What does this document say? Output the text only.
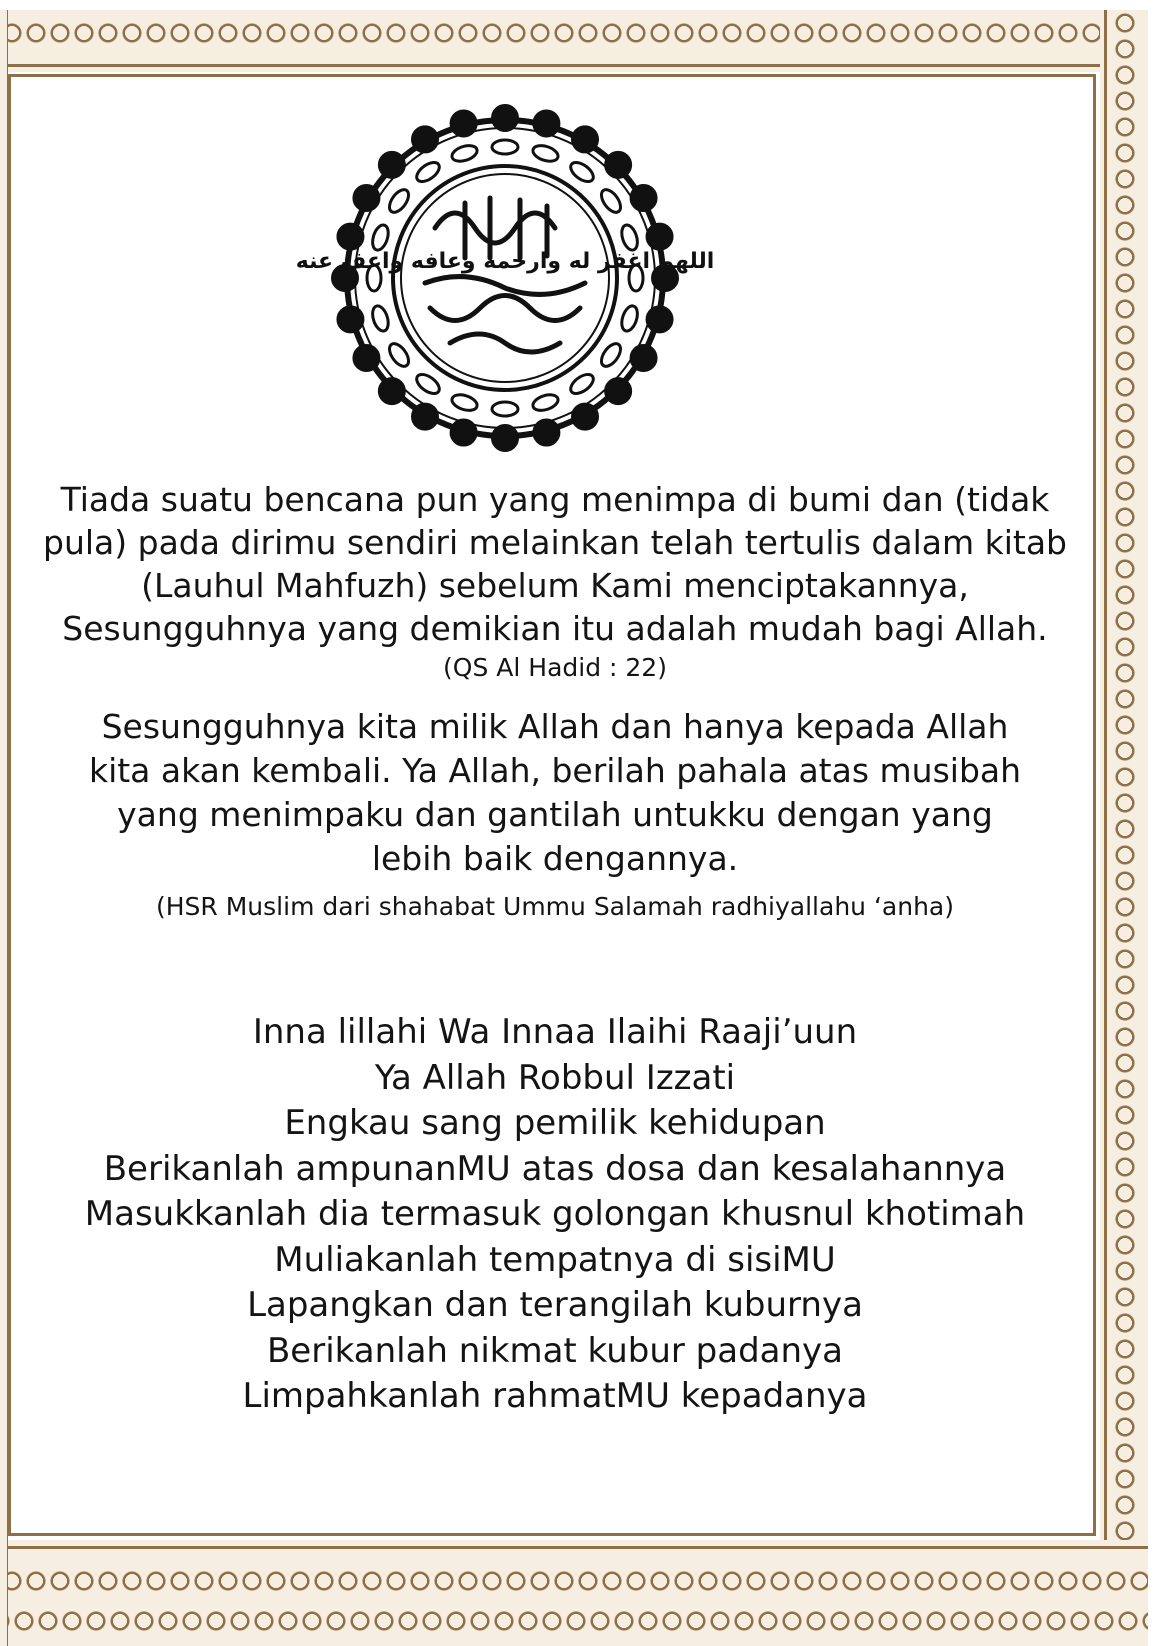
اللهم اغفر له وارحمه وعافه واعف عنه
Tiada suatu bencana pun yang menimpa di bumi dan (tidak
pula) pada dirimu sendiri melainkan telah tertulis dalam kitab
(Lauhul Mahfuzh) sebelum Kami menciptakannya,
Sesungguhnya yang demikian itu adalah mudah bagi Allah.
(QS Al Hadid : 22)
Sesungguhnya kita milik Allah dan hanya kepada Allah
kita akan kembali. Ya Allah, berilah pahala atas musibah
yang menimpaku dan gantilah untukku dengan yang
lebih baik dengannya.
(HSR Muslim dari shahabat Ummu Salamah radhiyallahu ‘anha)
Inna lillahi Wa Innaa Ilaihi Raaji’uun
Ya Allah Robbul Izzati
Engkau sang pemilik kehidupan
Berikanlah ampunanMU atas dosa dan kesalahannya
Masukkanlah dia termasuk golongan khusnul khotimah
Muliakanlah tempatnya di sisiMU
Lapangkan dan terangilah kuburnya
Berikanlah nikmat kubur padanya
Limpahkanlah rahmatMU kepadanya
